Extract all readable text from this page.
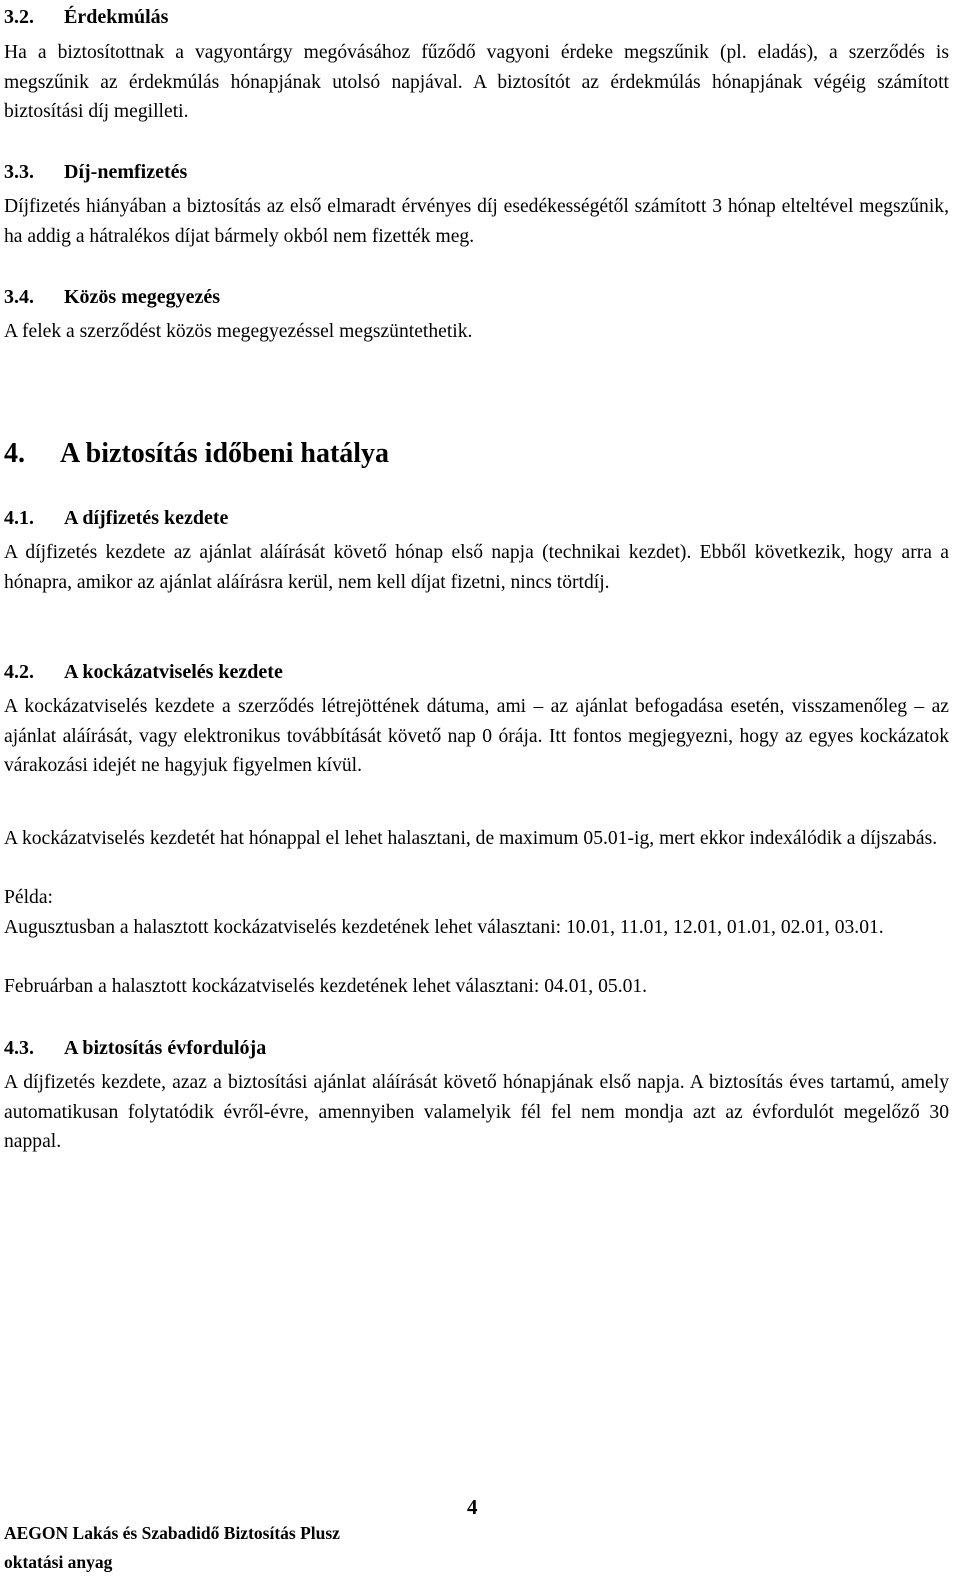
3.2. Érdekmúlás
Ha a biztosítottnak a vagyontárgy megóvásához fűződő vagyoni érdeke megszűnik (pl. eladás), a szerződés is megszűnik az érdekmúlás hónapjának utolsó napjával. A biztosítót az érdekmúlás hónapjának végéig számított biztosítási díj megilleti.
3.3. Díj-nemfizetés
Díjfizetés hiányában a biztosítás az első elmaradt érvényes díj esedékességétől számított 3 hónap elteltével megszűnik, ha addig a hátralékos díjat bármely okból nem fizették meg.
3.4. Közös megegyezés
A felek a szerződést közös megegyezéssel megszüntethetik.
4. A biztosítás időbeni hatálya
4.1. A díjfizetés kezdete
A díjfizetés kezdete az ajánlat aláírását követő hónap első napja (technikai kezdet). Ebből következik, hogy arra a hónapra, amikor az ajánlat aláírásra kerül, nem kell díjat fizetni, nincs törtdíj.
4.2. A kockázatviselés kezdete
A kockázatviselés kezdete a szerződés létrejöttének dátuma, ami – az ajánlat befogadása esetén, visszamenőleg – az ajánlat aláírását, vagy elektronikus továbbítását követő nap 0 órája. Itt fontos megjegyezni, hogy az egyes kockázatok várakozási idejét ne hagyjuk figyelmen kívül.
A kockázatviselés kezdetét hat hónappal el lehet halasztani, de maximum 05.01-ig, mert ekkor indexálódik a díjszabás.
Példa:
Augusztusban a halasztott kockázatviselés kezdetének lehet választani: 10.01, 11.01, 12.01, 01.01, 02.01, 03.01.
Februárban a halasztott kockázatviselés kezdetének lehet választani: 04.01, 05.01.
4.3. A biztosítás évfordulója
A díjfizetés kezdete, azaz a biztosítási ajánlat aláírását követő hónapjának első napja. A biztosítás éves tartamú, amely automatikusan folytatódik évről-évre, amennyiben valamelyik fél fel nem mondja azt az évfordulót megelőző 30 nappal.
4
AEGON Lakás és Szabadidő Biztosítás Plusz
oktatási anyag
